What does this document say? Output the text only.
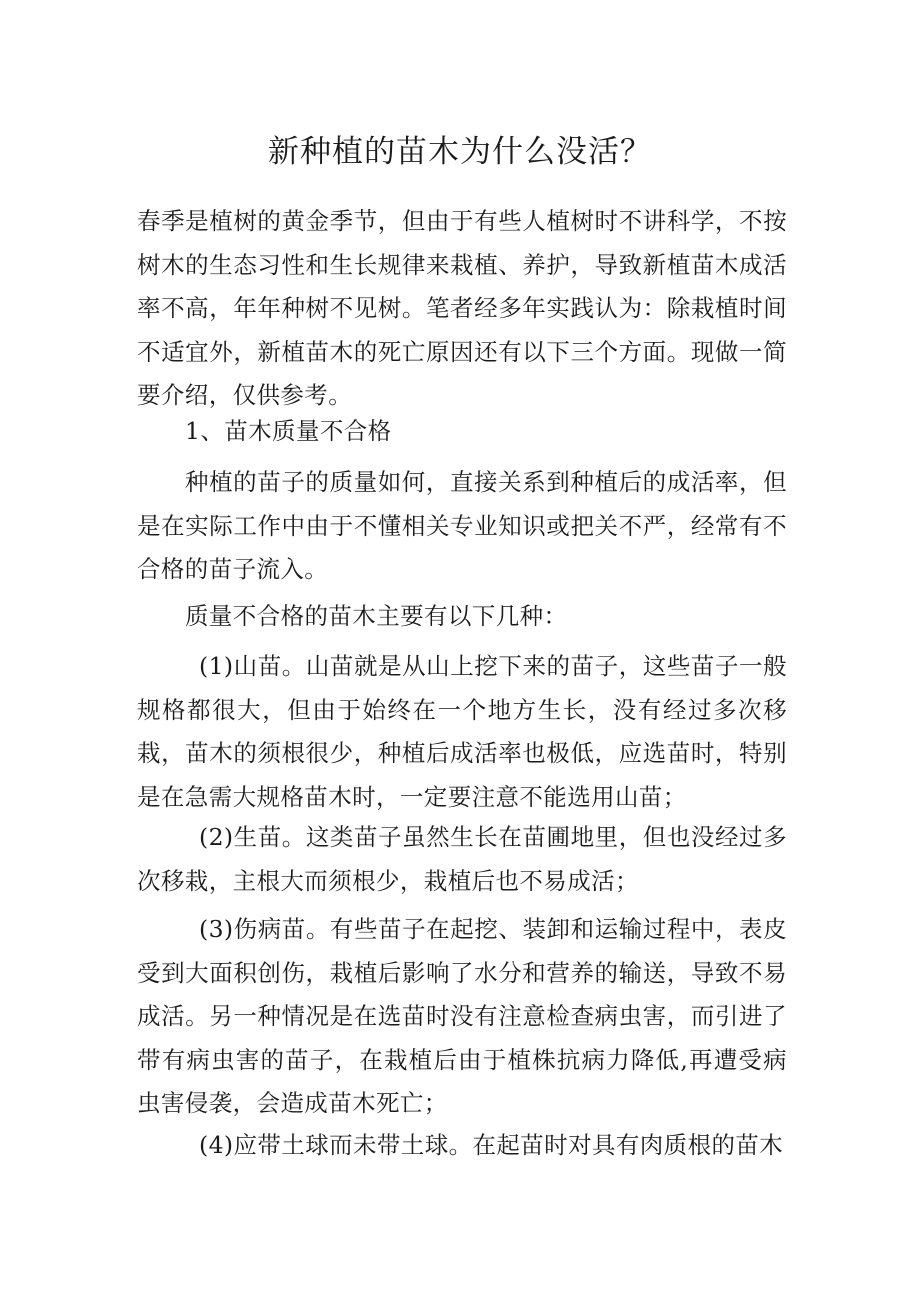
新种植的苗木为什么没活？

春季是植树的黄金季节，但由于有些人植树时不讲科学，不按树木的生态习性和生长规律来栽植、养护，导致新植苗木成活率不高，年年种树不见树。笔者经多年实践认为：除栽植时间不适宜外，新植苗木的死亡原因还有以下三个方面。现做一简要介绍，仅供参考。

1、苗木质量不合格

种植的苗子的质量如何，直接关系到种植后的成活率，但是在实际工作中由于不懂相关专业知识或把关不严，经常有不合格的苗子流入。

质量不合格的苗木主要有以下几种：

(1)山苗。山苗就是从山上挖下来的苗子，这些苗子一般规格都很大，但由于始终在一个地方生长，没有经过多次移栽，苗木的须根很少，种植后成活率也极低，应选苗时，特别是在急需大规格苗木时，一定要注意不能选用山苗；

(2)生苗。这类苗子虽然生长在苗圃地里，但也没经过多次移栽，主根大而须根少，栽植后也不易成活；

(3)伤病苗。有些苗子在起挖、装卸和运输过程中，表皮受到大面积创伤，栽植后影响了水分和营养的输送，导致不易成活。另一种情况是在选苗时没有注意检查病虫害，而引进了带有病虫害的苗子，在栽植后由于植株抗病力降低,再遭受病虫害侵袭，会造成苗木死亡；

(4)应带土球而未带土球。在起苗时对具有肉质根的苗木
